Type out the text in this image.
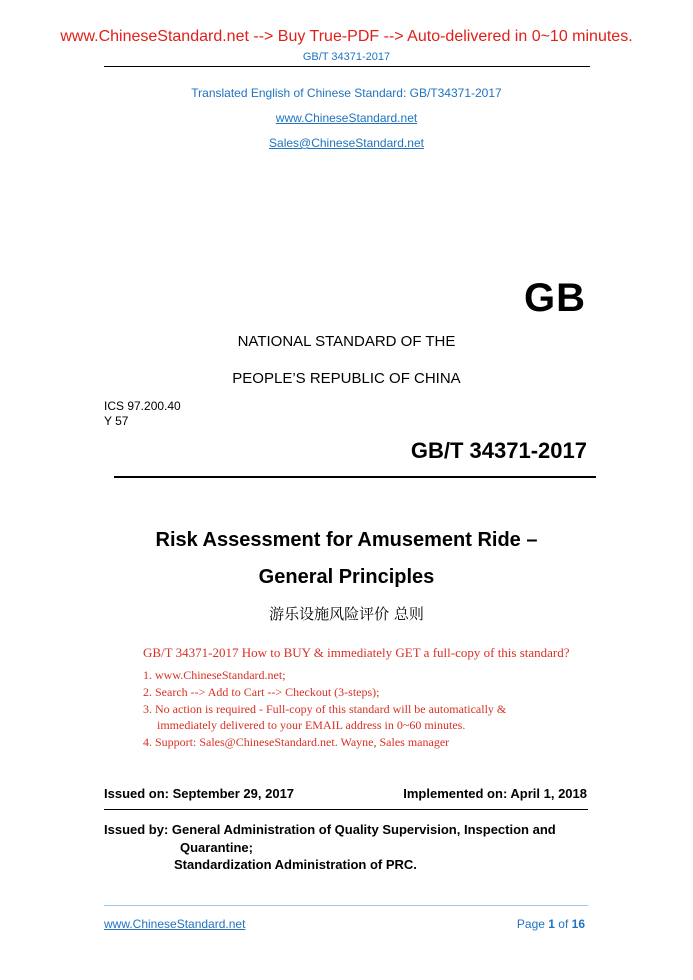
www.ChineseStandard.net --> Buy True-PDF --> Auto-delivered in 0~10 minutes.
GB/T 34371-2017
Translated English of Chinese Standard: GB/T34371-2017
www.ChineseStandard.net
Sales@ChineseStandard.net
GB
NATIONAL STANDARD OF THE
PEOPLE’S REPUBLIC OF CHINA
ICS 97.200.40
Y 57
GB/T 34371-2017
Risk Assessment for Amusement Ride –
General Principles
游乐设施风险评价 总则
GB/T 34371-2017 How to BUY & immediately GET a full-copy of this standard?
1. www.ChineseStandard.net;
2. Search --> Add to Cart --> Checkout (3-steps);
3. No action is required - Full-copy of this standard will be automatically &
immediately delivered to your EMAIL address in 0~60 minutes.
4. Support: Sales@ChineseStandard.net. Wayne, Sales manager
Issued on: September 29, 2017	Implemented on: April 1, 2018
Issued by: General Administration of Quality Supervision, Inspection and
Quarantine;
Standardization Administration of PRC.
www.ChineseStandard.net	Page 1 of 16
